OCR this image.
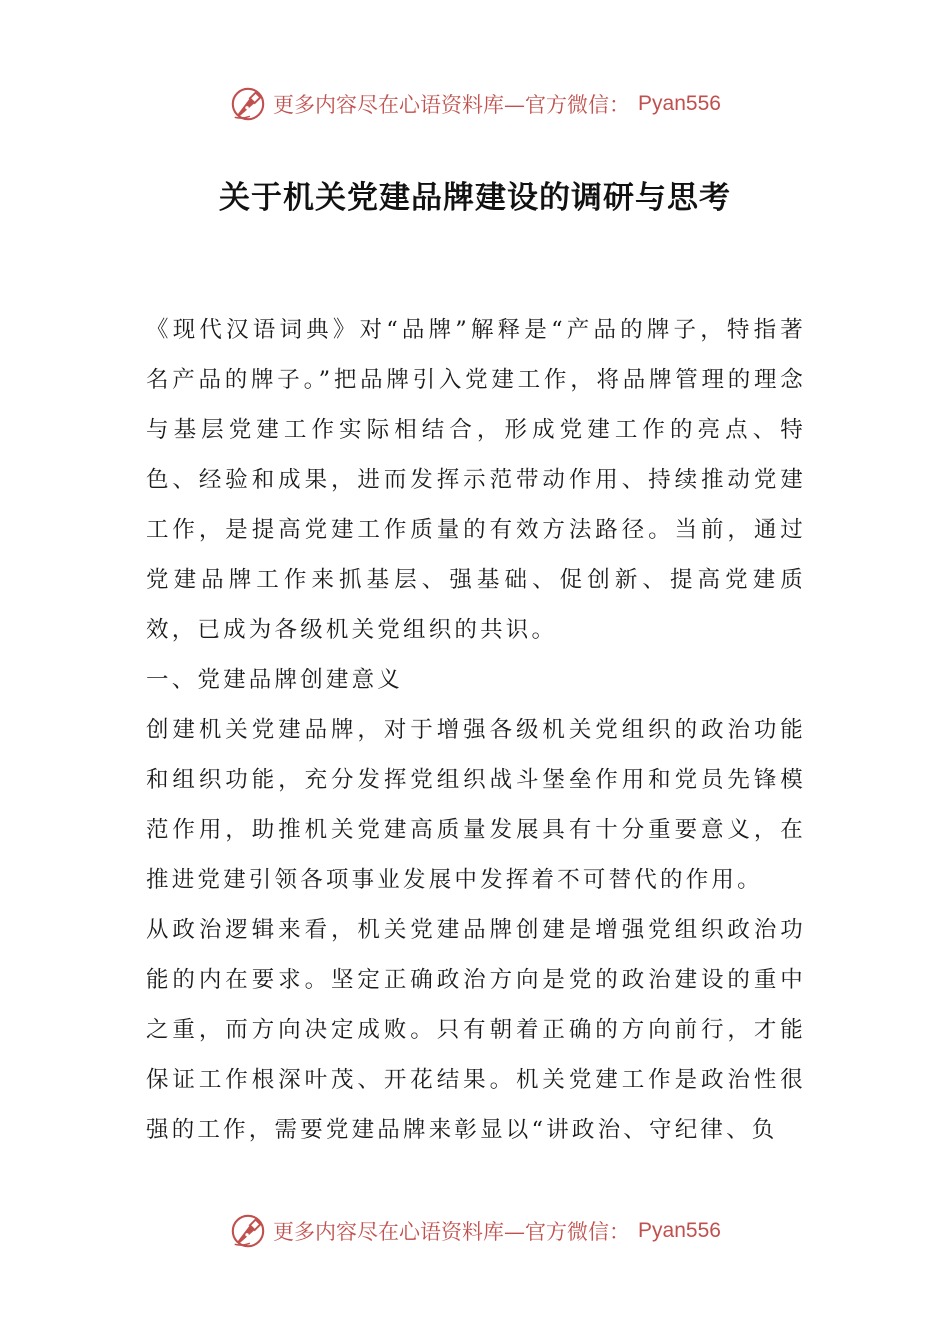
更多内容尽在心语资料库—官方微信： Pyan556
关于机关党建品牌建设的调研与思考

《现代汉语词典》对“品牌”解释是“产品的牌子，特指著名产品的牌子。”把品牌引入党建工作，将品牌管理的理念与基层党建工作实际相结合，形成党建工作的亮点、特色、经验和成果，进而发挥示范带动作用、持续推动党建工作，是提高党建工作质量的有效方法路径。当前，通过党建品牌工作来抓基层、强基础、促创新、提高党建质效，已成为各级机关党组织的共识。

一、党建品牌创建意义

创建机关党建品牌，对于增强各级机关党组织的政治功能和组织功能，充分发挥党组织战斗堡垒作用和党员先锋模范作用，助推机关党建高质量发展具有十分重要意义，在推进党建引领各项事业发展中发挥着不可替代的作用。

从政治逻辑来看，机关党建品牌创建是增强党组织政治功能的内在要求。坚定正确政治方向是党的政治建设的重中之重，而方向决定成败。只有朝着正确的方向前行，才能保证工作根深叶茂、开花结果。机关党建工作是政治性很强的工作，需要党建品牌来彰显以“讲政治、守纪律、负

更多内容尽在心语资料库—官方微信： Pyan556
